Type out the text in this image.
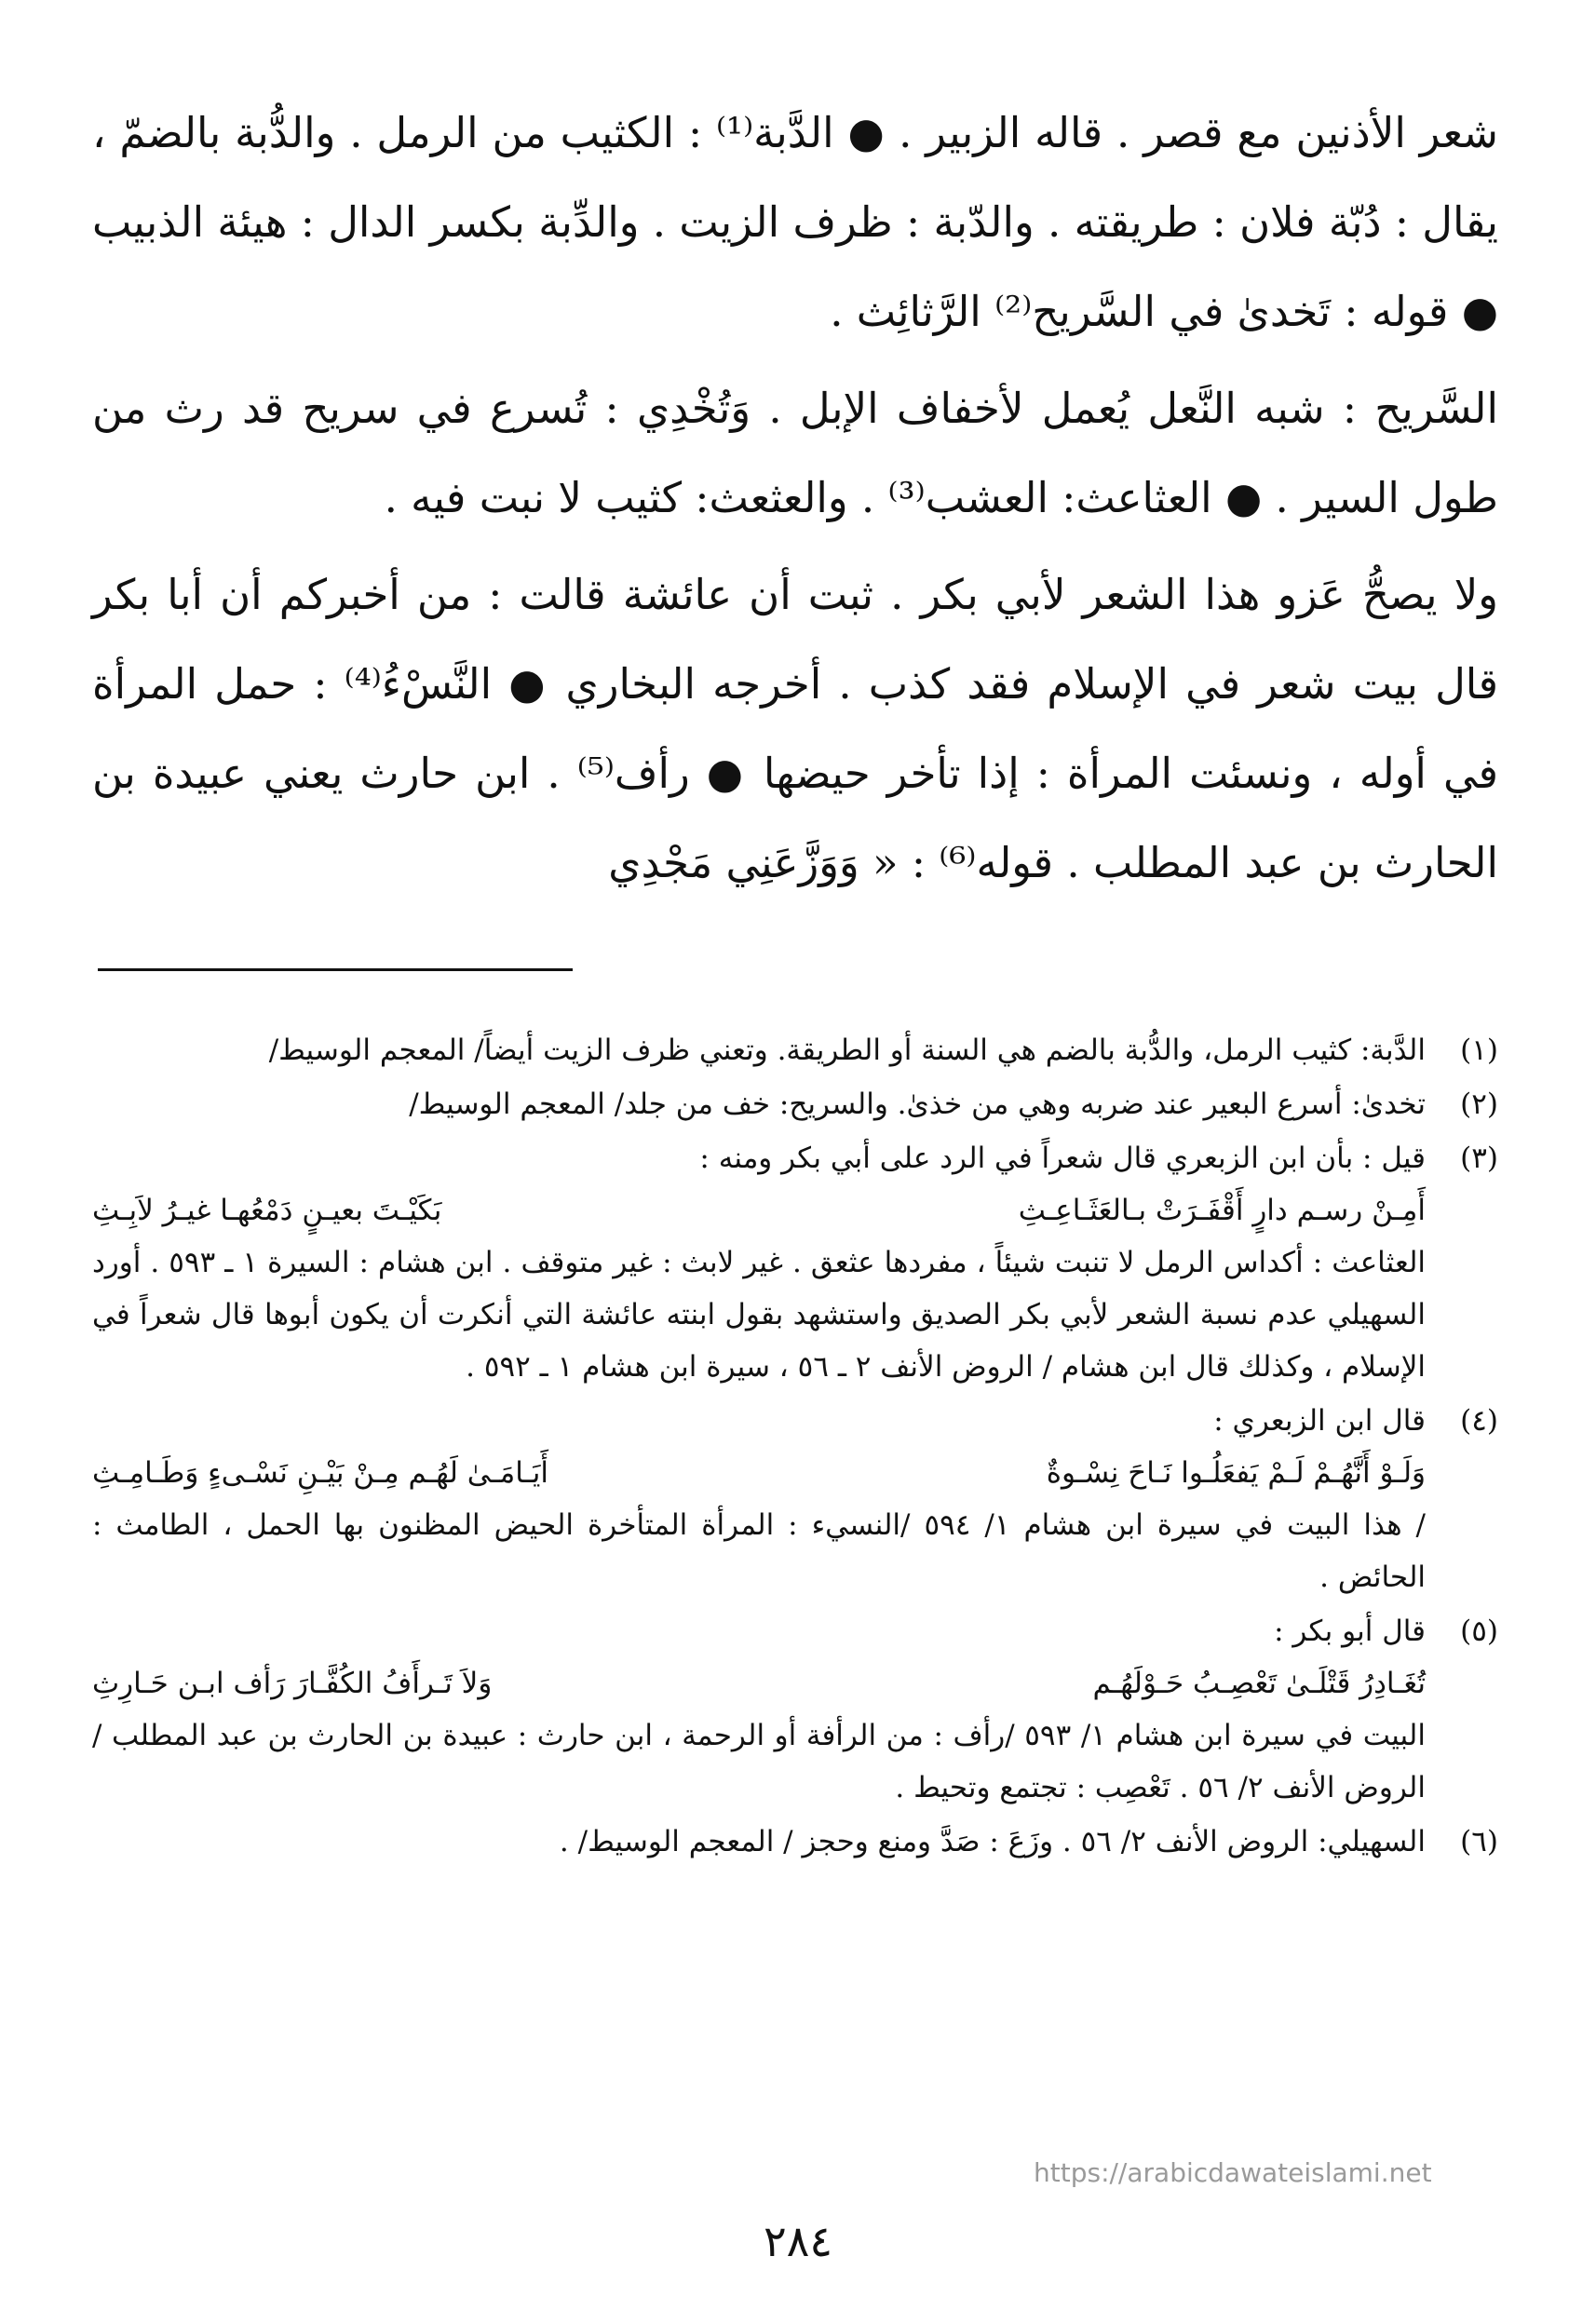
شعر الأذنين مع قصر . قاله الزبير . ● الدَّبة⁽¹⁾ : الكثيب من الرمل . والدُّبة بالضمّ ، يقال : دُبّة فلان : طريقته . والدّبة : ظرف الزيت . والدِّبة بكسر الدال : هيئة الذبيب ● قوله : تَخدىٰ في السَّريح⁽²⁾ الرَّثائِث .

السَّريح : شبه النَّعل يُعمل لأخفاف الإبل . وَتُخْدِي : تُسرع في سريح قد رث من طول السير . ● العثاعث: العشب⁽³⁾ . والعثعث: كثيب لا نبت فيه .

ولا يصحُّ عَزو هذا الشعر لأبي بكر . ثبت أن عائشة قالت : من أخبركم أن أبا بكر قال بيت شعر في الإسلام فقد كذب . أخرجه البخاري ● النَّسْءُ⁽⁴⁾ : حمل المرأة في أوله ، ونسئت المرأة : إذا تأخر حيضها ● رأف⁽⁵⁾ . ابن حارث يعني عبيدة بن الحارث بن عبد المطلب . قوله⁽⁶⁾ : « وَوَزَّعَنِي مَجْدِي

(١)

الدَّبة: كثيب الرمل، والدُّبة بالضم هي السنة أو الطريقة. وتعني ظرف الزيت أيضاً/ المعجم الوسيط/

(٢)

تخدىٰ: أسرع البعير عند ضربه وهي من خذىٰ. والسريح: خف من جلد/ المعجم الوسيط/

(٣)

قيل : بأن ابن الزبعري قال شعراً في الرد على أبي بكر ومنه :

أَمِـنْ رسـم دارٍ أَقْفَـرَتْ بـالعَثَـاعِـثِ
بَكَيْـتَ بعيـنٍ دَمْعُهـا غيـرُ لاَبِـثِ

العثاعث : أكداس الرمل لا تنبت شيئاً ، مفردها عثعق . غير لابث : غير متوقف . ابن هشام : السيرة ١ ـ ٥٩٣ . أورد السهيلي عدم نسبة الشعر لأبي بكر الصديق واستشهد بقول ابنته عائشة التي أنكرت أن يكون أبوها قال شعراً في الإسلام ، وكذلك قال ابن هشام / الروض الأنف ٢ ـ ٥٦ ، سيرة ابن هشام ١ ـ ٥٩٢ .

(٤)

قال ابن الزبعري :

وَلَـوْ أَنَّهُـمْ لَـمْ يَفعَلُـوا نَـاحَ نِسْـوةٌ
أَيَـامَـىٰ لَهُـم مِـنْ بَيْـنِ نَسْـىءٍ وَطَـامِـثِ

/ هذا البيت في سيرة ابن هشام ١/ ٥٩٤ /النسيء : المرأة المتأخرة الحيض المظنون بها الحمل ، الطامث : الحائض .

(٥)

قال أبو بكر :

تُغَـادِرُ قَتْلَـىٰ تَعْصِـبُ حَـوْلَهُـم
وَلاَ تَـرأَفُ الكُفَّـارَ رَأف ابـن حَـارِثِ

البيت في سيرة ابن هشام ١/ ٥٩٣ /رأف : من الرأفة أو الرحمة ، ابن حارث : عبيدة بن الحارث بن عبد المطلب / الروض الأنف ٢/ ٥٦ . تَعْصِب : تجتمع وتحيط .

(٦)

السهيلي: الروض الأنف ٢/ ٥٦ . وزَعَ : صَدَّ ومنع وحجز / المعجم الوسيط/ .

https://arabicdawateislami.net
٢٨٤
